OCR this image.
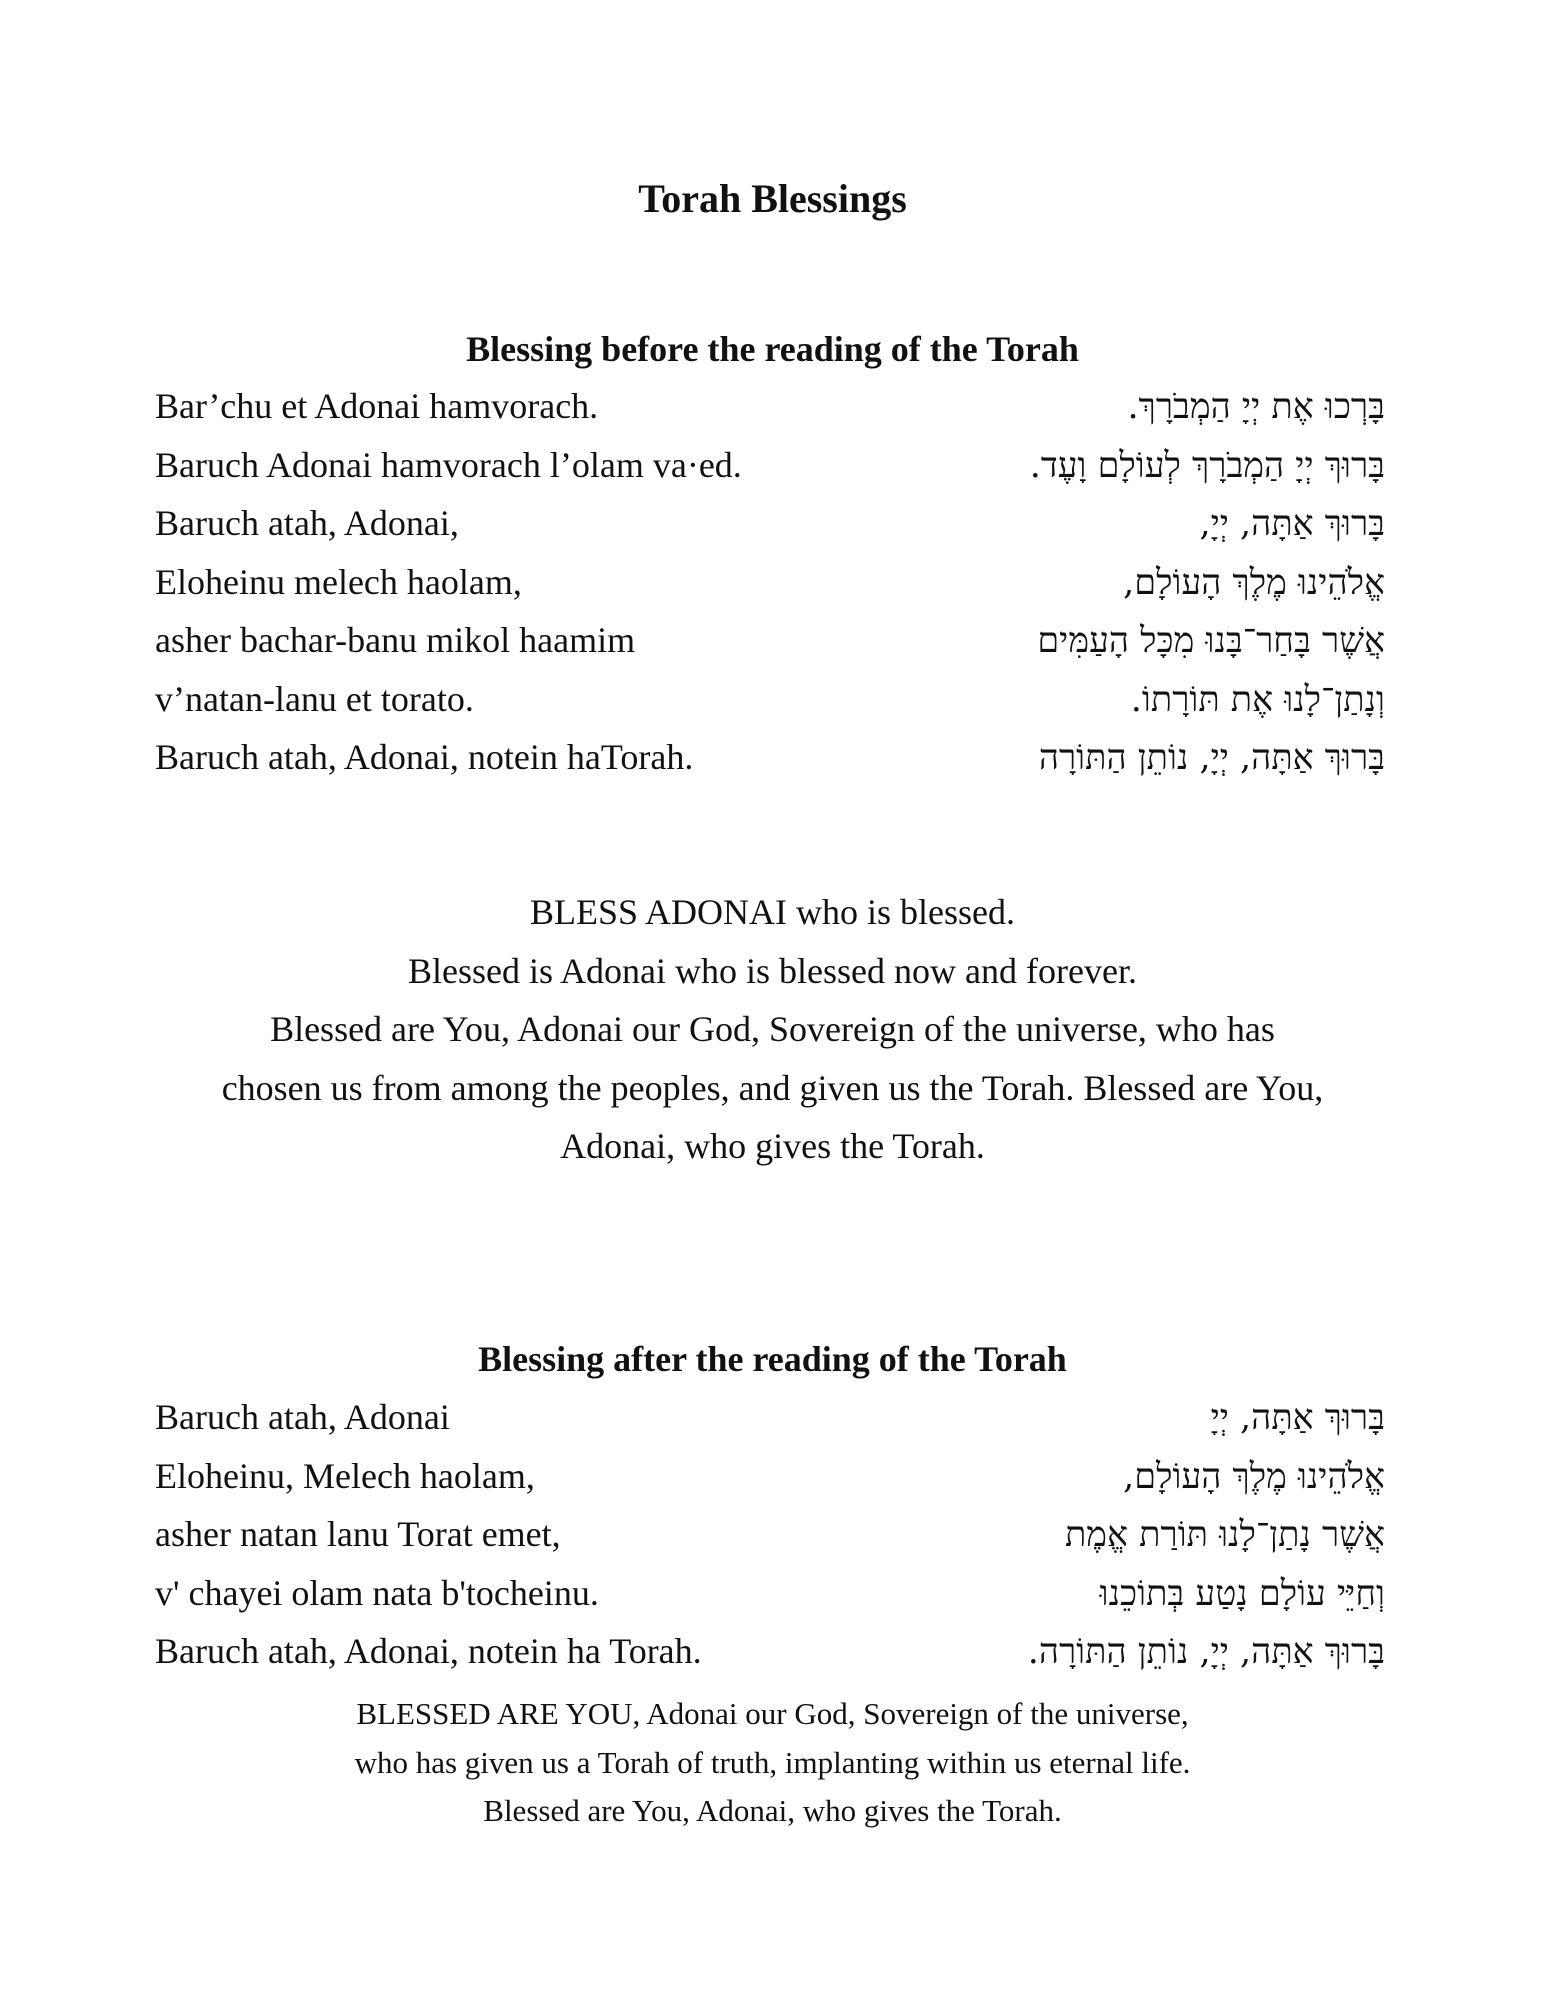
Torah Blessings
Blessing before the reading of the Torah
Bar’chu et Adonai hamvorach.	בָּרְכוּ אֶת יְיָ הַמְבֹרָךְ.
Baruch Adonai hamvorach l’olam va·ed.	בָּרוּךְ יְיָ הַמְבֹרָךְ לְעוֹלָם וָעֶד.
Baruch atah, Adonai,	בָּרוּךְ אַתָּה, יְיָ,
Eloheinu melech haolam,	אֱלֹהֵינוּ מֶלֶךְ הָעוֹלָם,
asher bachar-banu mikol haamim	אֲשֶׁר בָּחַר־בָּנוּ מִכָּל הָעַמִּים
v’natan-lanu et torato.	וְנָתַן־לָנוּ אֶת תּוֹרָתוֹ.
Baruch atah, Adonai, notein haTorah.	בָּרוּךְ אַתָּה, יְיָ, נוֹתֵן הַתּוֹרָה

BLESS ADONAI who is blessed.

Blessed is Adonai who is blessed now and forever.

Blessed are You, Adonai our God, Sovereign of the universe, who has

chosen us from among the peoples, and given us the Torah. Blessed are You,

Adonai, who gives the Torah.

Blessing after the reading of the Torah
Baruch atah, Adonai	בָּרוּךְ אַתָּה, יְיָ
Eloheinu, Melech haolam,	אֱלֹהֵינוּ מֶלֶךְ הָעוֹלָם,
asher natan lanu Torat emet,	אֲשֶׁר נָתַן־לָנוּ תּוֹרַת אֱמֶת
v' chayei olam nata b'tocheinu.	וְחַיֵּי עוֹלָם נָטַע בְּתוֹכֵנוּ
Baruch atah, Adonai, notein ha Torah.	בָּרוּךְ אַתָּה, יְיָ, נוֹתֵן הַתּוֹרָה.

BLESSED ARE YOU, Adonai our God, Sovereign of the universe,

who has given us a Torah of truth, implanting within us eternal life.

Blessed are You, Adonai, who gives the Torah.
